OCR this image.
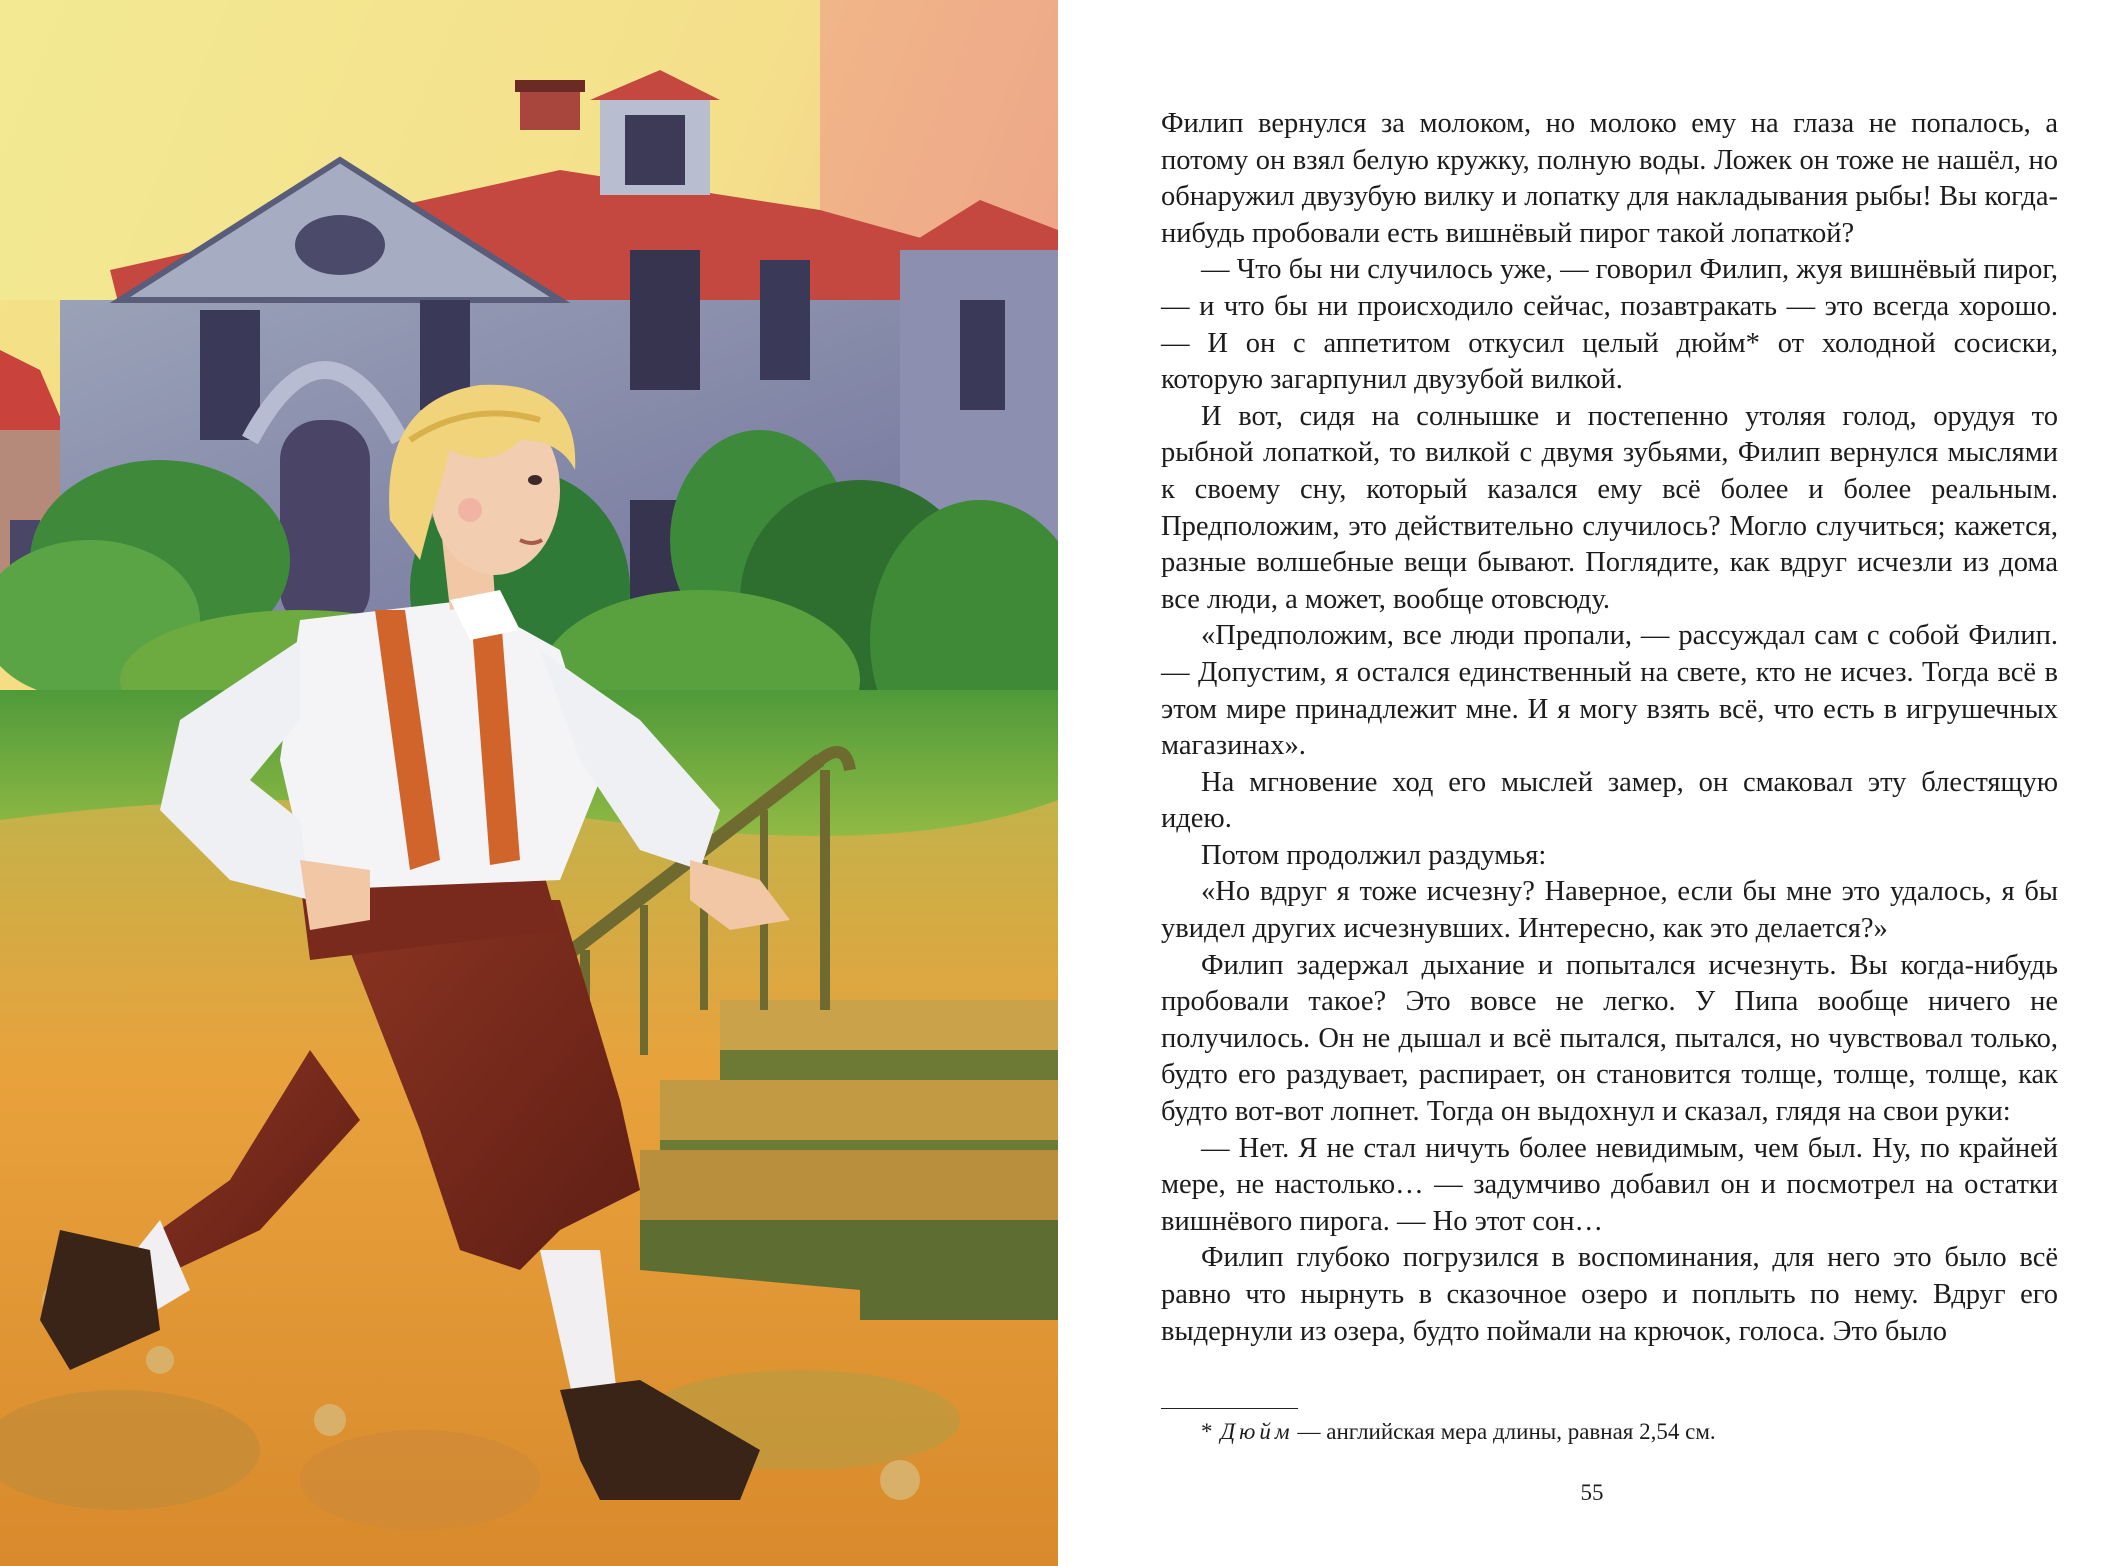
Филип вернулся за молоком, но молоко ему на глаза не попалось, а потому он взял белую кружку, полную воды. Ложек он тоже не нашёл, но обнаружил двузубую вилку и лопатку для накладывания рыбы! Вы когда-нибудь пробовали есть вишнёвый пирог такой лопаткой?

— Что бы ни случилось уже, — говорил Филип, жуя вишнёвый пирог, — и что бы ни происходило сейчас, позавтракать — это всегда хорошо. — И он с аппетитом откусил целый дюйм* от холодной сосиски, которую загарпунил двузубой вилкой.

И вот, сидя на солнышке и постепенно утоляя голод, орудуя то рыбной лопаткой, то вилкой с двумя зубьями, Филип вернулся мыслями к своему сну, который казался ему всё более и более реальным. Предположим, это действительно случилось? Могло случиться; кажется, разные волшебные вещи бывают. Поглядите, как вдруг исчезли из дома все люди, а может, вообще отовсюду.

«Предположим, все люди пропали, — рассуждал сам с собой Филип. — Допустим, я остался единственный на свете, кто не исчез. Тогда всё в этом мире принадлежит мне. И я могу взять всё, что есть в игрушечных магазинах».

На мгновение ход его мыслей замер, он смаковал эту блестящую идею.

Потом продолжил раздумья:

«Но вдруг я тоже исчезну? Наверное, если бы мне это удалось, я бы увидел других исчезнувших. Интересно, как это делается?»

Филип задержал дыхание и попытался исчезнуть. Вы когда-нибудь пробовали такое? Это вовсе не легко. У Пипа вообще ничего не получилось. Он не дышал и всё пытался, пытался, но чувствовал только, будто его раздувает, распирает, он становится толще, толще, толще, как будто вот-вот лопнет. Тогда он выдохнул и сказал, глядя на свои руки:

— Нет. Я не стал ничуть более невидимым, чем был. Ну, по крайней мере, не настолько… — задумчиво добавил он и посмотрел на остатки вишнёвого пирога. — Но этот сон…

Филип глубоко погрузился в воспоминания, для него это было всё равно что нырнуть в сказочное озеро и поплыть по нему. Вдруг его выдернули из озера, будто поймали на крючок, голоса. Это было

* Дюйм — английская мера длины, равная 2,54 см.
55
